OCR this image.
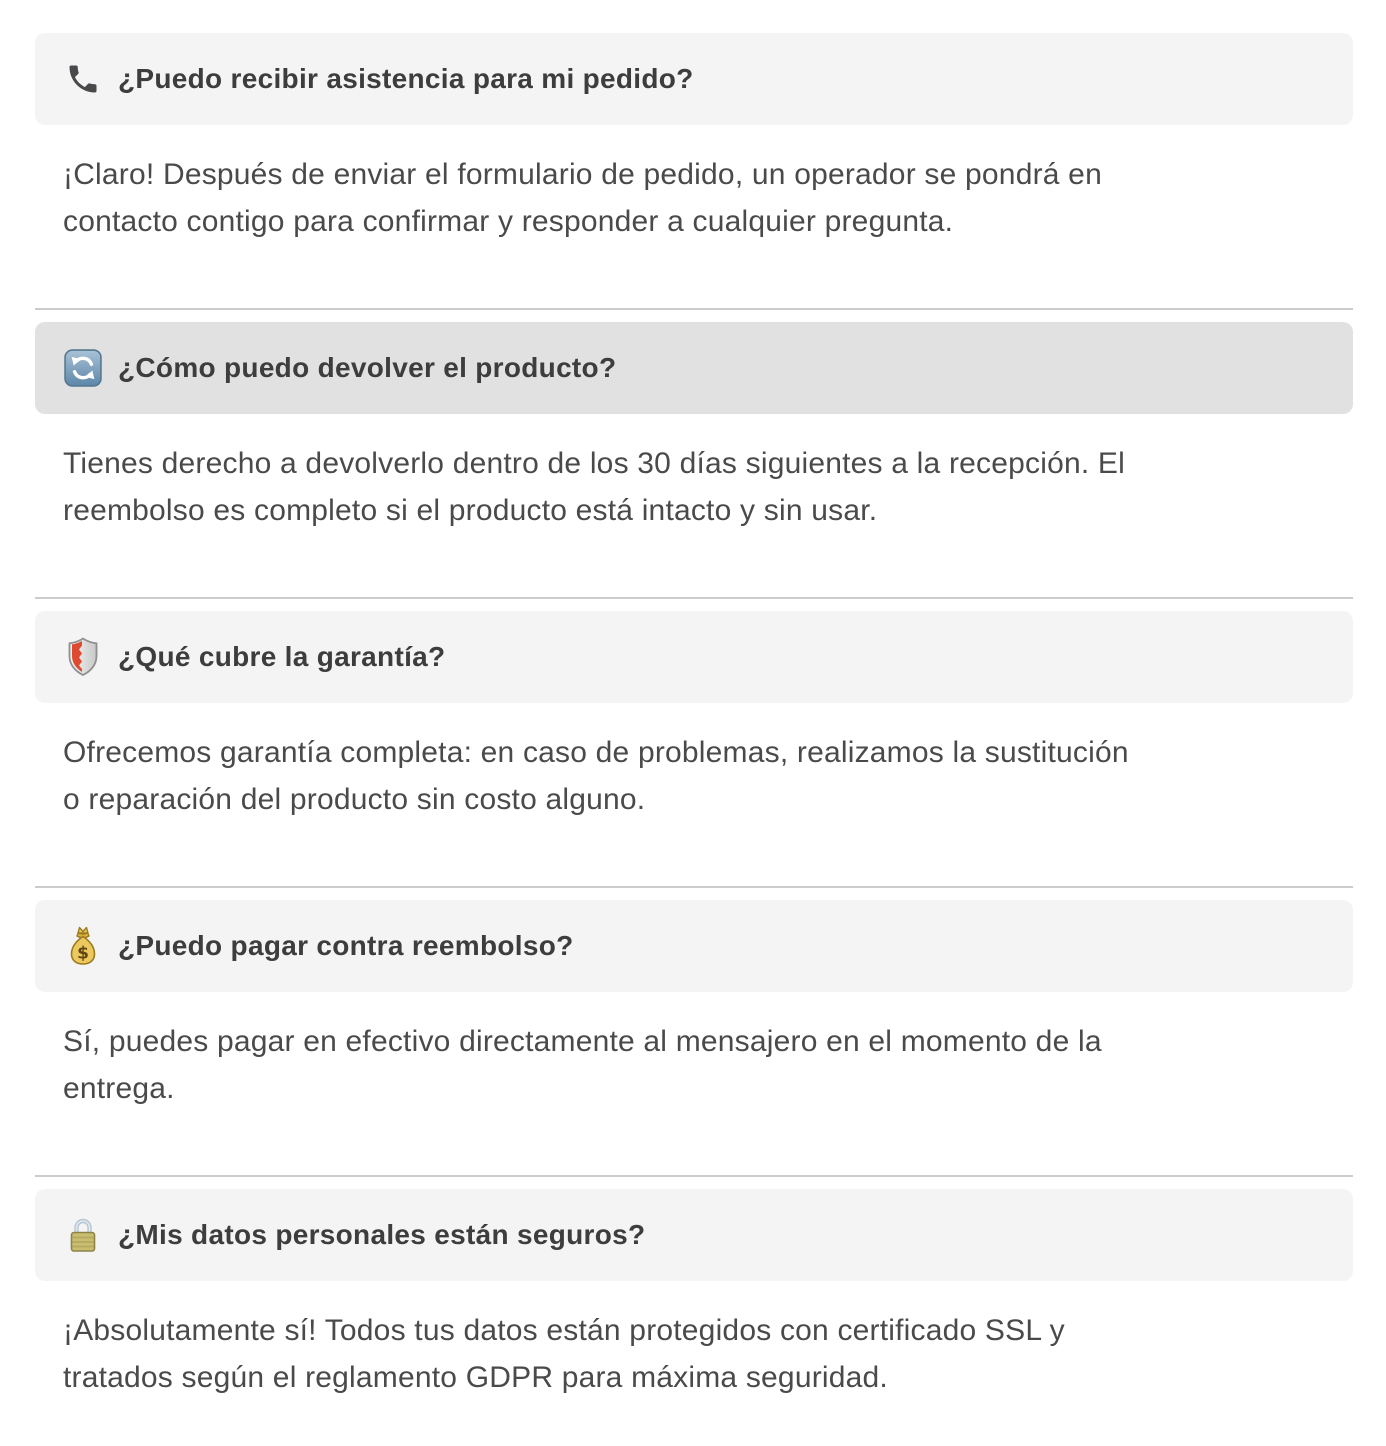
¿Puedo recibir asistencia para mi pedido?
¡Claro! Después de enviar el formulario de pedido, un operador se pondrá en
contacto contigo para confirmar y responder a cualquier pregunta.
¿Cómo puedo devolver el producto?
Tienes derecho a devolverlo dentro de los 30 días siguientes a la recepción. El
reembolso es completo si el producto está intacto y sin usar.
¿Qué cubre la garantía?
Ofrecemos garantía completa: en caso de problemas, realizamos la sustitución
o reparación del producto sin costo alguno.
$ ¿Puedo pagar contra reembolso?
Sí, puedes pagar en efectivo directamente al mensajero en el momento de la
entrega.
¿Mis datos personales están seguros?
¡Absolutamente sí! Todos tus datos están protegidos con certificado SSL y
tratados según el reglamento GDPR para máxima seguridad.
